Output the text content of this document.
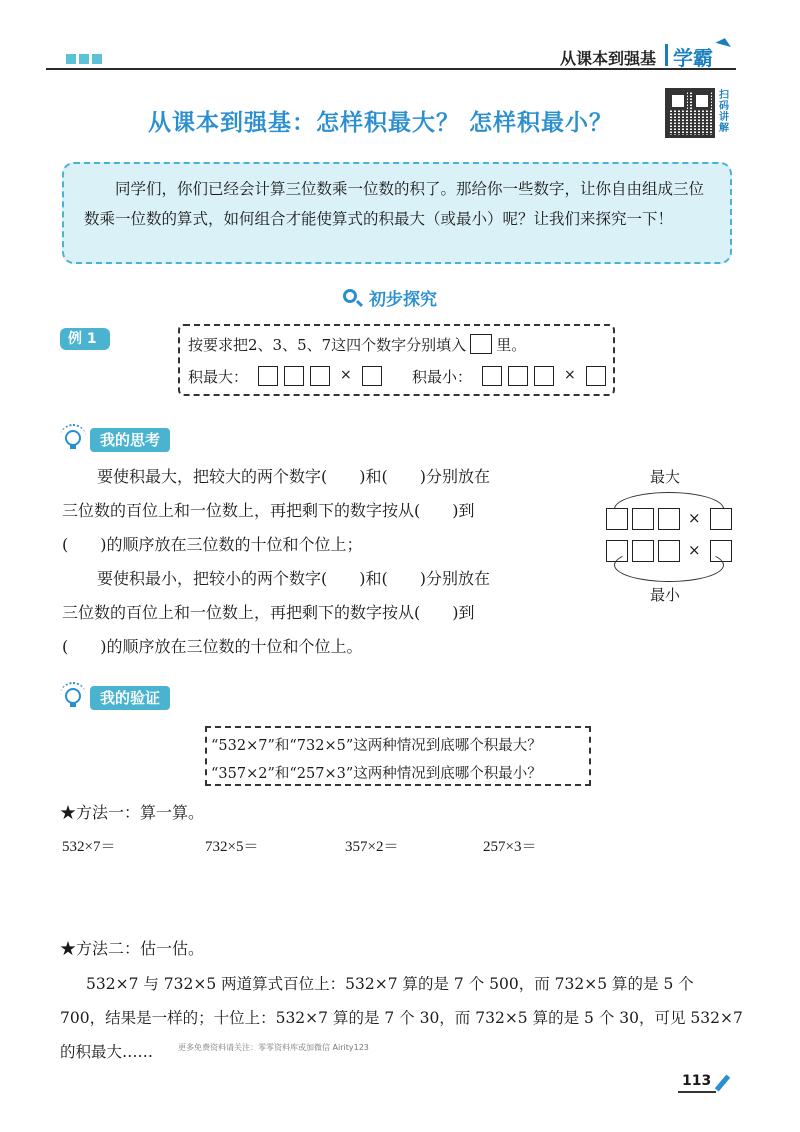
从课本到强基 学霸
从课本到强基：怎样积最大？ 怎样积最小？
扫码讲解

同学们，你们已经会计算三位数乘一位数的积了。那给你一些数字，让你自由组成三位数乘一位数的算式，如何组合才能使算式的积最大（或最小）呢？让我们来探究一下！

初步探究
例 1	按要求把2、3、5、7这四个数字分别填入 里。
积最大：	×	积最小：	×
我的思考
要使积最大，把较大的两个数字(　　)和(　　)分别放在
三位数的百位上和一位数上，再把剩下的数字按从(　　)到
(　　)的顺序放在三位数的十位和个位上；
要使积最小，把较小的两个数字(　　)和(　　)分别放在
三位数的百位上和一位数上，再把剩下的数字按从(　　)到
(　　)的顺序放在三位数的十位和个位上。
最大
×
×
最小
我的验证
“532×7”和“732×5”这两种情况到底哪个积最大？
“357×2”和“257×3”这两种情况到底哪个积最小？
★方法一：算一算。
532×7＝	732×5＝	357×2＝	257×3＝
★方法二：估一估。
532×7 与 732×5 两道算式百位上：532×7 算的是 7 个 500，而 732×5 算的是 5 个
700，结果是一样的；十位上：532×7 算的是 7 个 30，而 732×5 算的是 5 个 30，可见 532×7
的积最大……	更多免费资料请关注：零零资料库或加微信 Airity123
113
